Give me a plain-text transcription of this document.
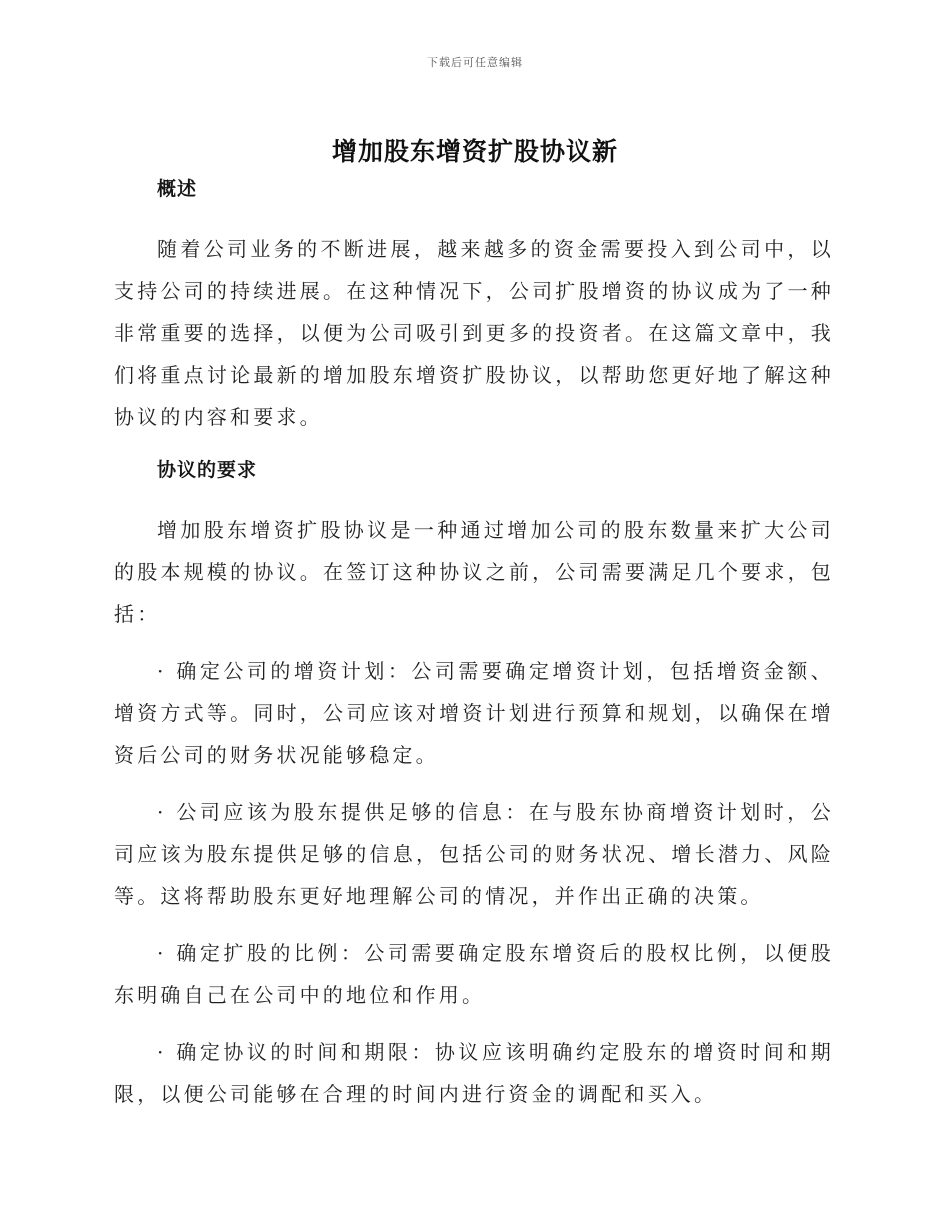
下载后可任意编辑
增加股东增资扩股协议新
概述

随着公司业务的不断进展，越来越多的资金需要投入到公司中，以支持公司的持续进展。在这种情况下，公司扩股增资的协议成为了一种非常重要的选择，以便为公司吸引到更多的投资者。在这篇文章中，我们将重点讨论最新的增加股东增资扩股协议，以帮助您更好地了解这种协议的内容和要求。

协议的要求

增加股东增资扩股协议是一种通过增加公司的股东数量来扩大公司的股本规模的协议。在签订这种协议之前，公司需要满足几个要求，包括：

· 确定公司的增资计划：公司需要确定增资计划，包括增资金额、增资方式等。同时，公司应该对增资计划进行预算和规划，以确保在增资后公司的财务状况能够稳定。

· 公司应该为股东提供足够的信息：在与股东协商增资计划时，公司应该为股东提供足够的信息，包括公司的财务状况、增长潜力、风险等。这将帮助股东更好地理解公司的情况，并作出正确的决策。

· 确定扩股的比例：公司需要确定股东增资后的股权比例，以便股东明确自己在公司中的地位和作用。

· 确定协议的时间和期限：协议应该明确约定股东的增资时间和期限，以便公司能够在合理的时间内进行资金的调配和买入。
